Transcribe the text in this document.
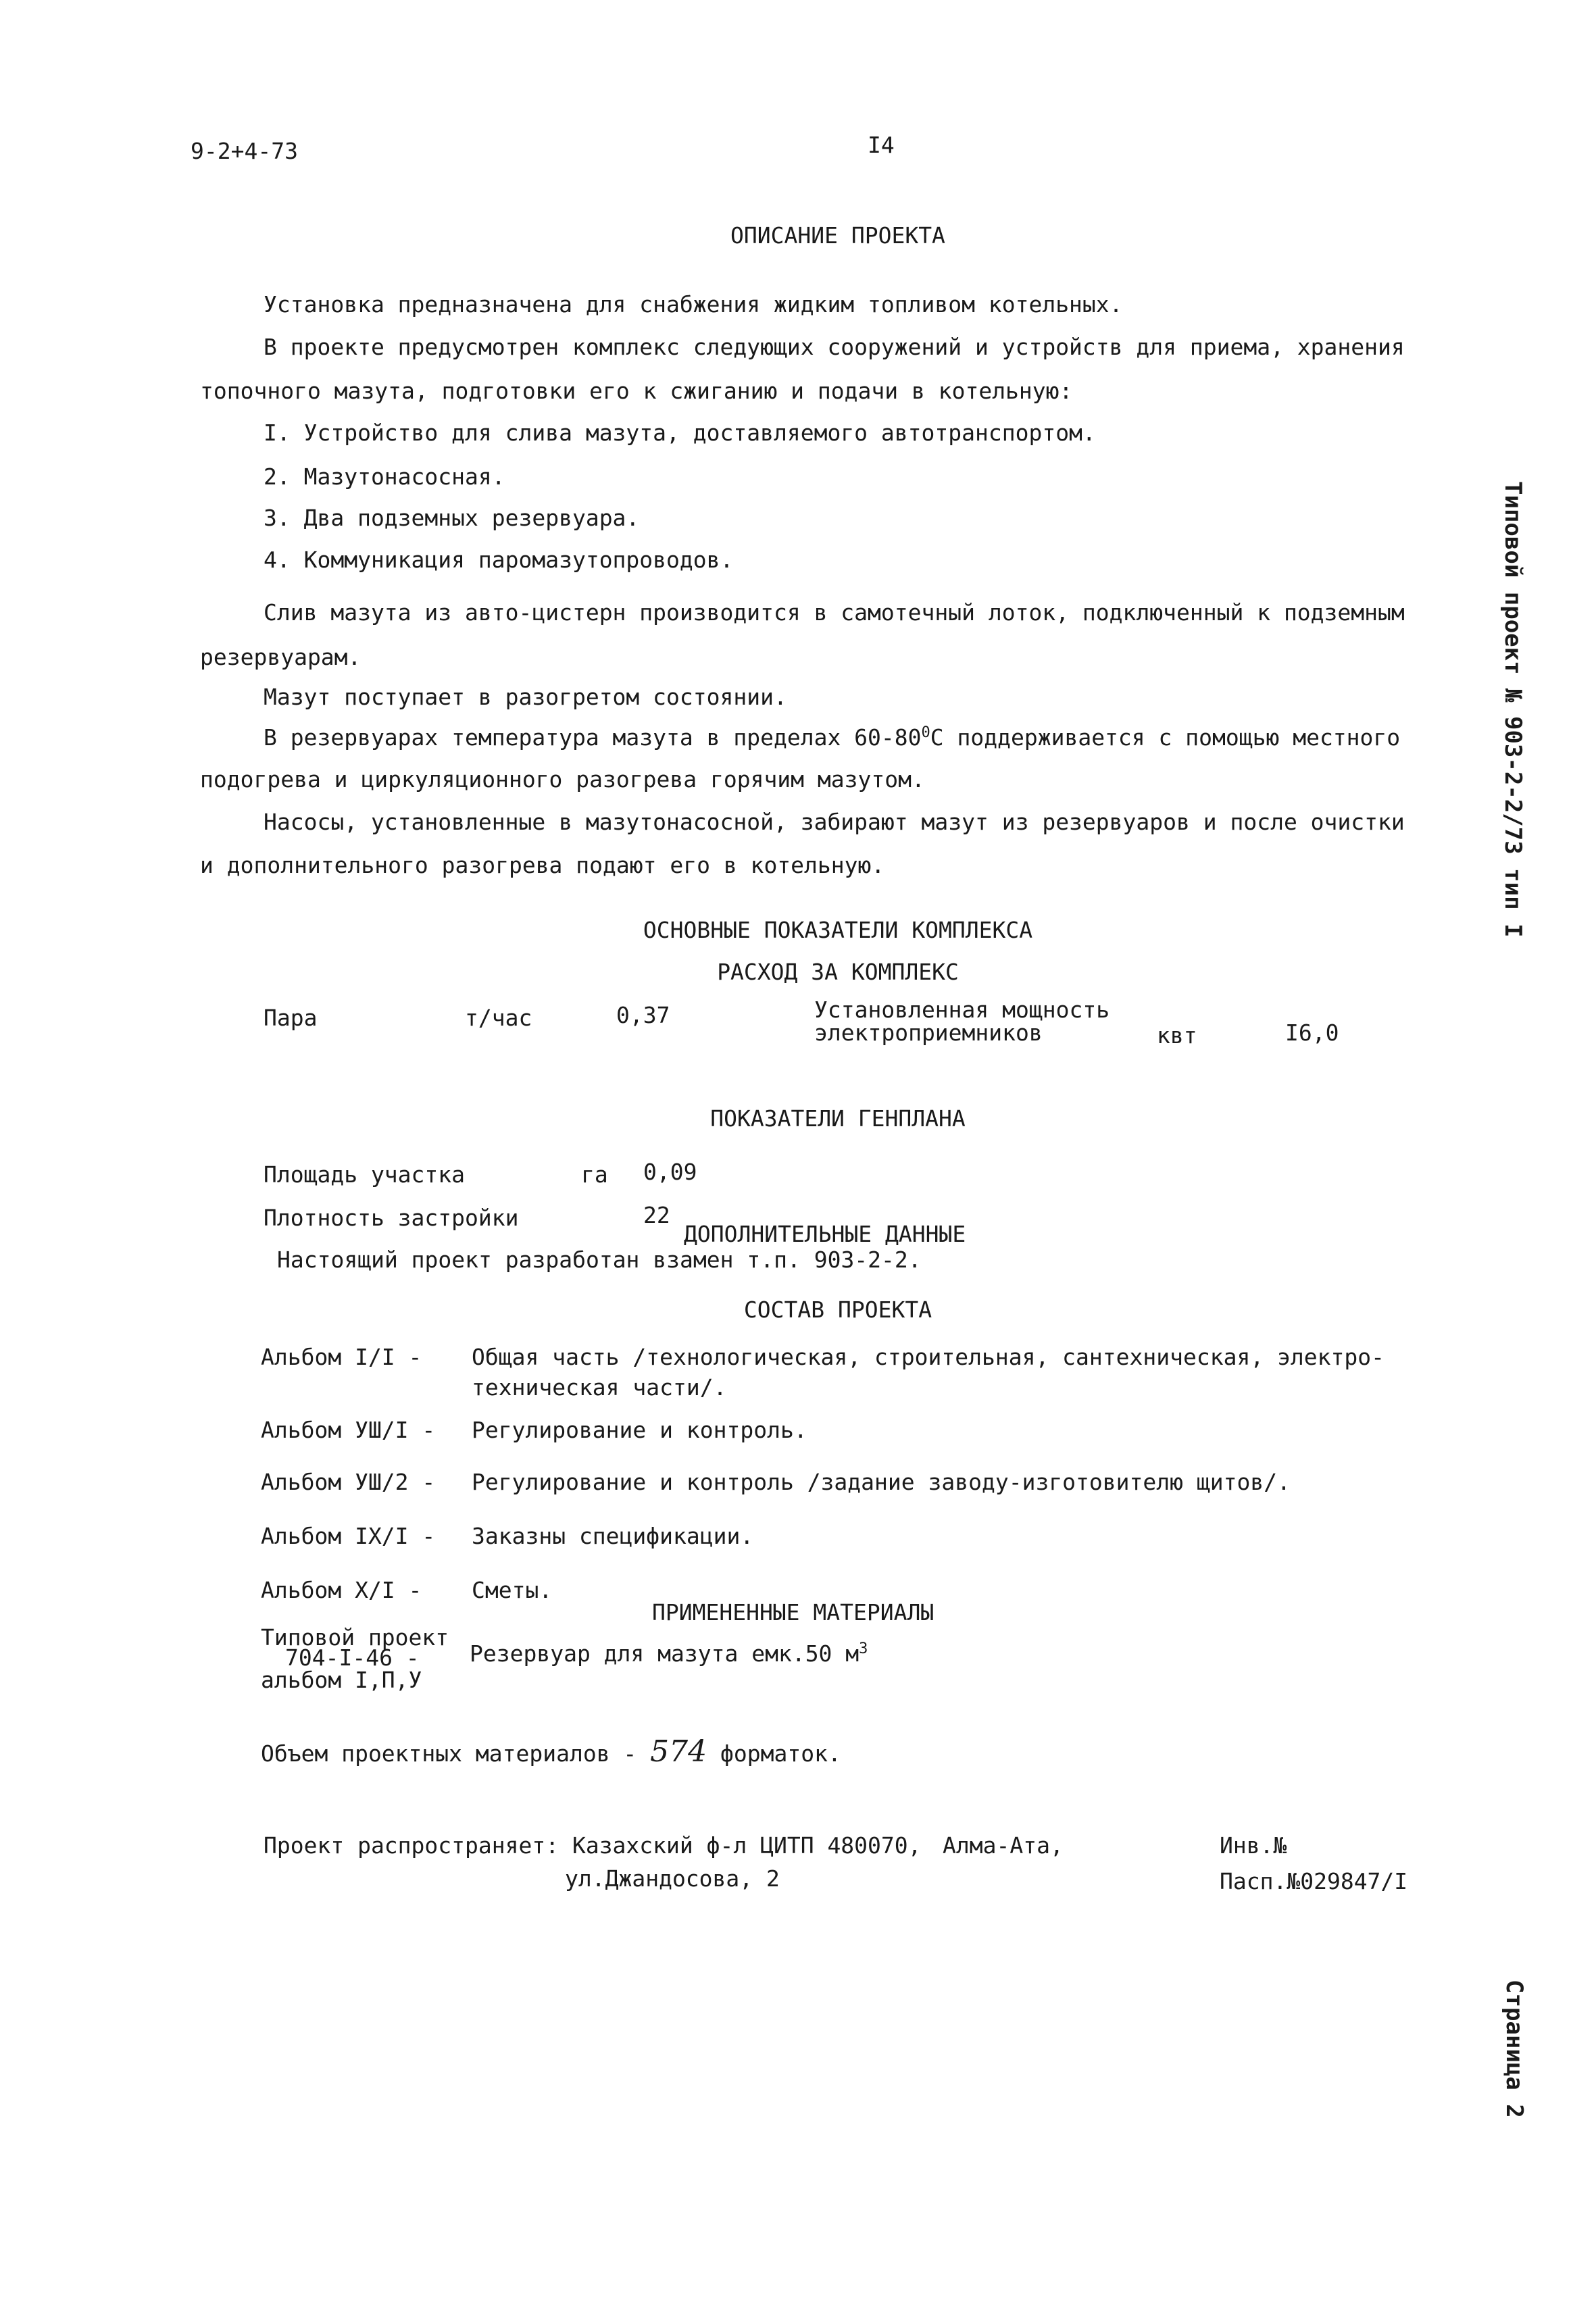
9-2+4-73	I4
ОПИСАНИЕ ПРОЕКТА
Установка предназначена для снабжения жидким топливом котельных.
В проекте предусмотрен комплекс следующих сооружений и устройств для приема, хранения
топочного мазута, подготовки его к сжиганию и подачи в котельную:
I. Устройство для слива мазута, доставляемого автотранспортом.
2. Мазутонасосная.
3. Два подземных резервуара.
4. Коммуникация паромазутопроводов.
Слив мазута из авто-цистерн производится в самотечный лоток, подключенный к подземным
резервуарам.
Мазут поступает в разогретом состоянии.
В резервуарах температура мазута в пределах $60-80^0С$ поддерживается с помощью местного
подогрева и циркуляционного разогрева горячим мазутом.
Насосы, установленные в мазутонасосной, забирают мазут из резервуаров и после очистки
и дополнительного разогрева подают его в котельную.
ОСНОВНЫЕ ПОКАЗАТЕЛИ КОМПЛЕКСА
РАСХОД ЗА КОМПЛЕКС
Пара	т/час	0,37	Установленная мощность
электроприемников	квт	I6,0
ПОКАЗАТЕЛИ ГЕНПЛАНА
Площадь участка	га 0,09
Плотность застройки	22
ДОПОЛНИТЕЛЬНЫЕ ДАННЫЕ
Настоящий проект разработан взамен т.п. 903-2-2.
СОСТАВ ПРОЕКТА
Альбом I/I - Общая часть /технологическая, строительная, сантехническая, электро-
техническая части/.
Альбом УШ/I - Регулирование и контроль.
Альбом УШ/2 - Регулирование и контроль /задание заводу-изготовителю щитов/.
Альбом IX/I - Заказны спецификации.
Альбом X/I - Сметы.
ПРИМЕНЕННЫЕ МАТЕРИАЛЫ
Типовой проект
704-I-46 -
альбом I,П,У
Резервуар для мазута емк.50 $м^3$
Объем проектных материалов - 574 форматок.
Проект распространяет: Казахский ф-л ЦИТП 480070, Алма-Ата,
ул.Джандосова, 2
Инв.№
Пасп.№029847/I
Типовой проект № 903-2-2/73 тип I
Страница 2
